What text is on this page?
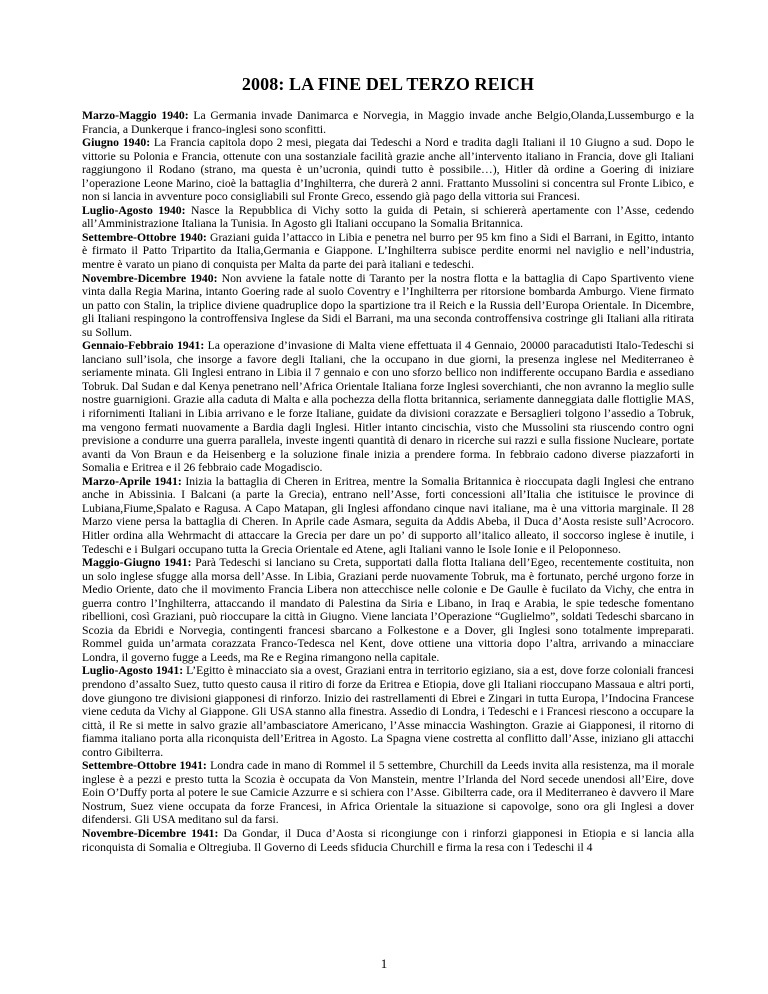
2008: LA FINE DEL TERZO REICH

Marzo-Maggio 1940: La Germania invade Danimarca e Norvegia, in Maggio invade anche Belgio,Olanda,Lussemburgo e la Francia, a Dunkerque i franco-inglesi sono sconfitti.

Giugno 1940: La Francia capitola dopo 2 mesi, piegata dai Tedeschi a Nord e tradita dagli Italiani il 10 Giugno a sud. Dopo le vittorie su Polonia e Francia, ottenute con una sostanziale facilità grazie anche all’intervento italiano in Francia, dove gli Italiani raggiungono il Rodano (strano, ma questa è un’ucronia, quindi tutto è possibile…), Hitler dà ordine a Goering di iniziare l’operazione Leone Marino, cioè la battaglia d’Inghilterra, che durerà 2 anni. Frattanto Mussolini si concentra sul Fronte Libico, e non si lancia in avventure poco consigliabili sul Fronte Greco, essendo già pago della vittoria sui Francesi.

Luglio-Agosto 1940: Nasce la Repubblica di Vichy sotto la guida di Petain, si schiererà apertamente con l’Asse, cedendo all’Amministrazione Italiana la Tunisia. In Agosto gli Italiani occupano la Somalia Britannica.

Settembre-Ottobre 1940: Graziani guida l’attacco in Libia e penetra nel burro per 95 km fino a Sidi el Barrani, in Egitto, intanto è firmato il Patto Tripartito da Italia,Germania e Giappone. L’Inghilterra subisce perdite enormi nel naviglio e nell’industria, mentre è varato un piano di conquista per Malta da parte dei parà italiani e tedeschi.

Novembre-Dicembre 1940: Non avviene la fatale notte di Taranto per la nostra flotta e la battaglia di Capo Spartivento viene vinta dalla Regia Marina, intanto Goering rade al suolo Coventry e l’Inghilterra per ritorsione bombarda Amburgo. Viene firmato un patto con Stalin, la triplice diviene quadruplice dopo la spartizione tra il Reich e la Russia dell’Europa Orientale. In Dicembre, gli Italiani respingono la controffensiva Inglese da Sidi el Barrani, ma una seconda controffensiva costringe gli Italiani alla ritirata su Sollum.

Gennaio-Febbraio 1941: La operazione d’invasione di Malta viene effettuata il 4 Gennaio, 20000 paracadutisti Italo-Tedeschi si lanciano sull’isola, che insorge a favore degli Italiani, che la occupano in due giorni, la presenza inglese nel Mediterraneo è seriamente minata. Gli Inglesi entrano in Libia il 7 gennaio e con uno sforzo bellico non indifferente occupano Bardia e assediano Tobruk. Dal Sudan e dal Kenya penetrano nell’Africa Orientale Italiana forze Inglesi soverchianti, che non avranno la meglio sulle nostre guarnigioni. Grazie alla caduta di Malta e alla pochezza della flotta britannica, seriamente danneggiata dalle flottiglie MAS, i rifornimenti Italiani in Libia arrivano e le forze Italiane, guidate da divisioni corazzate e Bersaglieri tolgono l’assedio a Tobruk, ma vengono fermati nuovamente a Bardia dagli Inglesi. Hitler intanto cincischia, visto che Mussolini sta riuscendo contro ogni previsione a condurre una guerra parallela, investe ingenti quantità di denaro in ricerche sui razzi e sulla fissione Nucleare, portate avanti da Von Braun e da Heisenberg e la soluzione finale inizia a prendere forma. In febbraio cadono diverse piazzaforti in Somalia e Eritrea e il 26 febbraio cade Mogadiscio.

Marzo-Aprile 1941: Inizia la battaglia di Cheren in Eritrea, mentre la Somalia Britannica è rioccupata dagli Inglesi che entrano anche in Abissinia. I Balcani (a parte la Grecia), entrano nell’Asse, forti concessioni all’Italia che istituisce le province di Lubiana,Fiume,Spalato e Ragusa. A Capo Matapan, gli Inglesi affondano cinque navi italiane, ma è una vittoria marginale. Il 28 Marzo viene persa la battaglia di Cheren. In Aprile cade Asmara, seguita da Addis Abeba, il Duca d’Aosta resiste sull’Acrocoro. Hitler ordina alla Wehrmacht di attaccare la Grecia per dare un po’ di supporto all’italico alleato, il soccorso inglese è inutile, i Tedeschi e i Bulgari occupano tutta la Grecia Orientale ed Atene, agli Italiani vanno le Isole Ionie e il Peloponneso.

Maggio-Giugno 1941: Parà Tedeschi si lanciano su Creta, supportati dalla flotta Italiana dell’Egeo, recentemente costituita, non un solo inglese sfugge alla morsa dell’Asse. In Libia, Graziani perde nuovamente Tobruk, ma è fortunato, perché urgono forze in Medio Oriente, dato che il movimento Francia Libera non attecchisce nelle colonie e De Gaulle è fucilato da Vichy, che entra in guerra contro l’Inghilterra, attaccando il mandato di Palestina da Siria e Libano, in Iraq e Arabia, le spie tedesche fomentano ribellioni, così Graziani, può rioccupare la città in Giugno. Viene lanciata l’Operazione “Guglielmo”, soldati Tedeschi sbarcano in Scozia da Ebridi e Norvegia, contingenti francesi sbarcano a Folkestone e a Dover, gli Inglesi sono totalmente impreparati. Rommel guida un’armata corazzata Franco-Tedesca nel Kent, dove ottiene una vittoria dopo l’altra, arrivando a minacciare Londra, il governo fugge a Leeds, ma Re e Regina rimangono nella capitale.

Luglio-Agosto 1941: L’Egitto è minacciato sia a ovest, Graziani entra in territorio egiziano, sia a est, dove forze coloniali francesi prendono d’assalto Suez, tutto questo causa il ritiro di forze da Eritrea e Etiopia, dove gli Italiani rioccupano Massaua e altri porti, dove giungono tre divisioni giapponesi di rinforzo. Inizio dei rastrellamenti di Ebrei e Zingari in tutta Europa, l’Indocina Francese viene ceduta da Vichy al Giappone. Gli USA stanno alla finestra. Assedio di Londra, i Tedeschi e i Francesi riescono a occupare la città, il Re si mette in salvo grazie all’ambasciatore Americano, l’Asse minaccia Washington. Grazie ai Giapponesi, il ritorno di fiamma italiano porta alla riconquista dell’Eritrea in Agosto. La Spagna viene costretta al conflitto dall’Asse, iniziano gli attacchi contro Gibilterra.

Settembre-Ottobre 1941: Londra cade in mano di Rommel il 5 settembre, Churchill da Leeds invita alla resistenza, ma il morale inglese è a pezzi e presto tutta la Scozia è occupata da Von Manstein, mentre l’Irlanda del Nord secede unendosi all’Eire, dove Eoin O’Duffy porta al potere le sue Camicie Azzurre e si schiera con l’Asse. Gibilterra cade, ora il Mediterraneo è davvero il Mare Nostrum, Suez viene occupata da forze Francesi, in Africa Orientale la situazione si capovolge, sono ora gli Inglesi a dover difendersi. Gli USA meditano sul da farsi.

Novembre-Dicembre 1941: Da Gondar, il Duca d’Aosta si ricongiunge con i rinforzi giapponesi in Etiopia e si lancia alla riconquista di Somalia e Oltregiuba. Il Governo di Leeds sfiducia Churchill e firma la resa con i Tedeschi il 4

1
